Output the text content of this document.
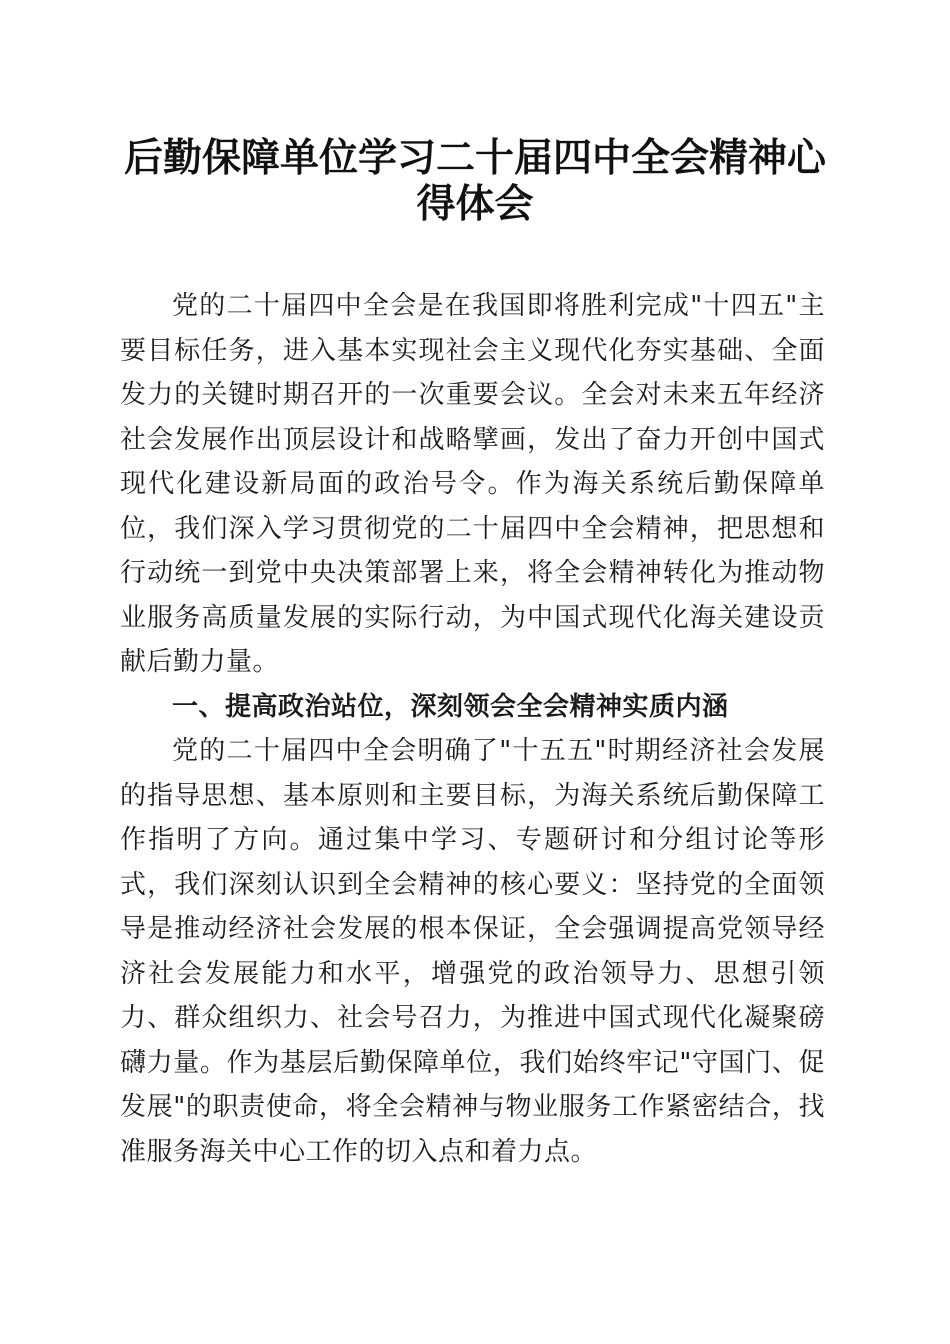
后勤保障单位学习二十届四中全会精神心得体会

党的二十届四中全会是在我国即将胜利完成"十四五"主要目标任务，进入基本实现社会主义现代化夯实基础、全面发力的关键时期召开的一次重要会议。全会对未来五年经济社会发展作出顶层设计和战略擘画，发出了奋力开创中国式现代化建设新局面的政治号令。作为海关系统后勤保障单位，我们深入学习贯彻党的二十届四中全会精神，把思想和行动统一到党中央决策部署上来，将全会精神转化为推动物业服务高质量发展的实际行动，为中国式现代化海关建设贡献后勤力量。

一、提高政治站位，深刻领会全会精神实质内涵

党的二十届四中全会明确了"十五五"时期经济社会发展的指导思想、基本原则和主要目标，为海关系统后勤保障工作指明了方向。通过集中学习、专题研讨和分组讨论等形式，我们深刻认识到全会精神的核心要义：坚持党的全面领导是推动经济社会发展的根本保证，全会强调提高党领导经济社会发展能力和水平，增强党的政治领导力、思想引领力、群众组织力、社会号召力，为推进中国式现代化凝聚磅礴力量。作为基层后勤保障单位，我们始终牢记"守国门、促发展"的职责使命，将全会精神与物业服务工作紧密结合，找准服务海关中心工作的切入点和着力点。
